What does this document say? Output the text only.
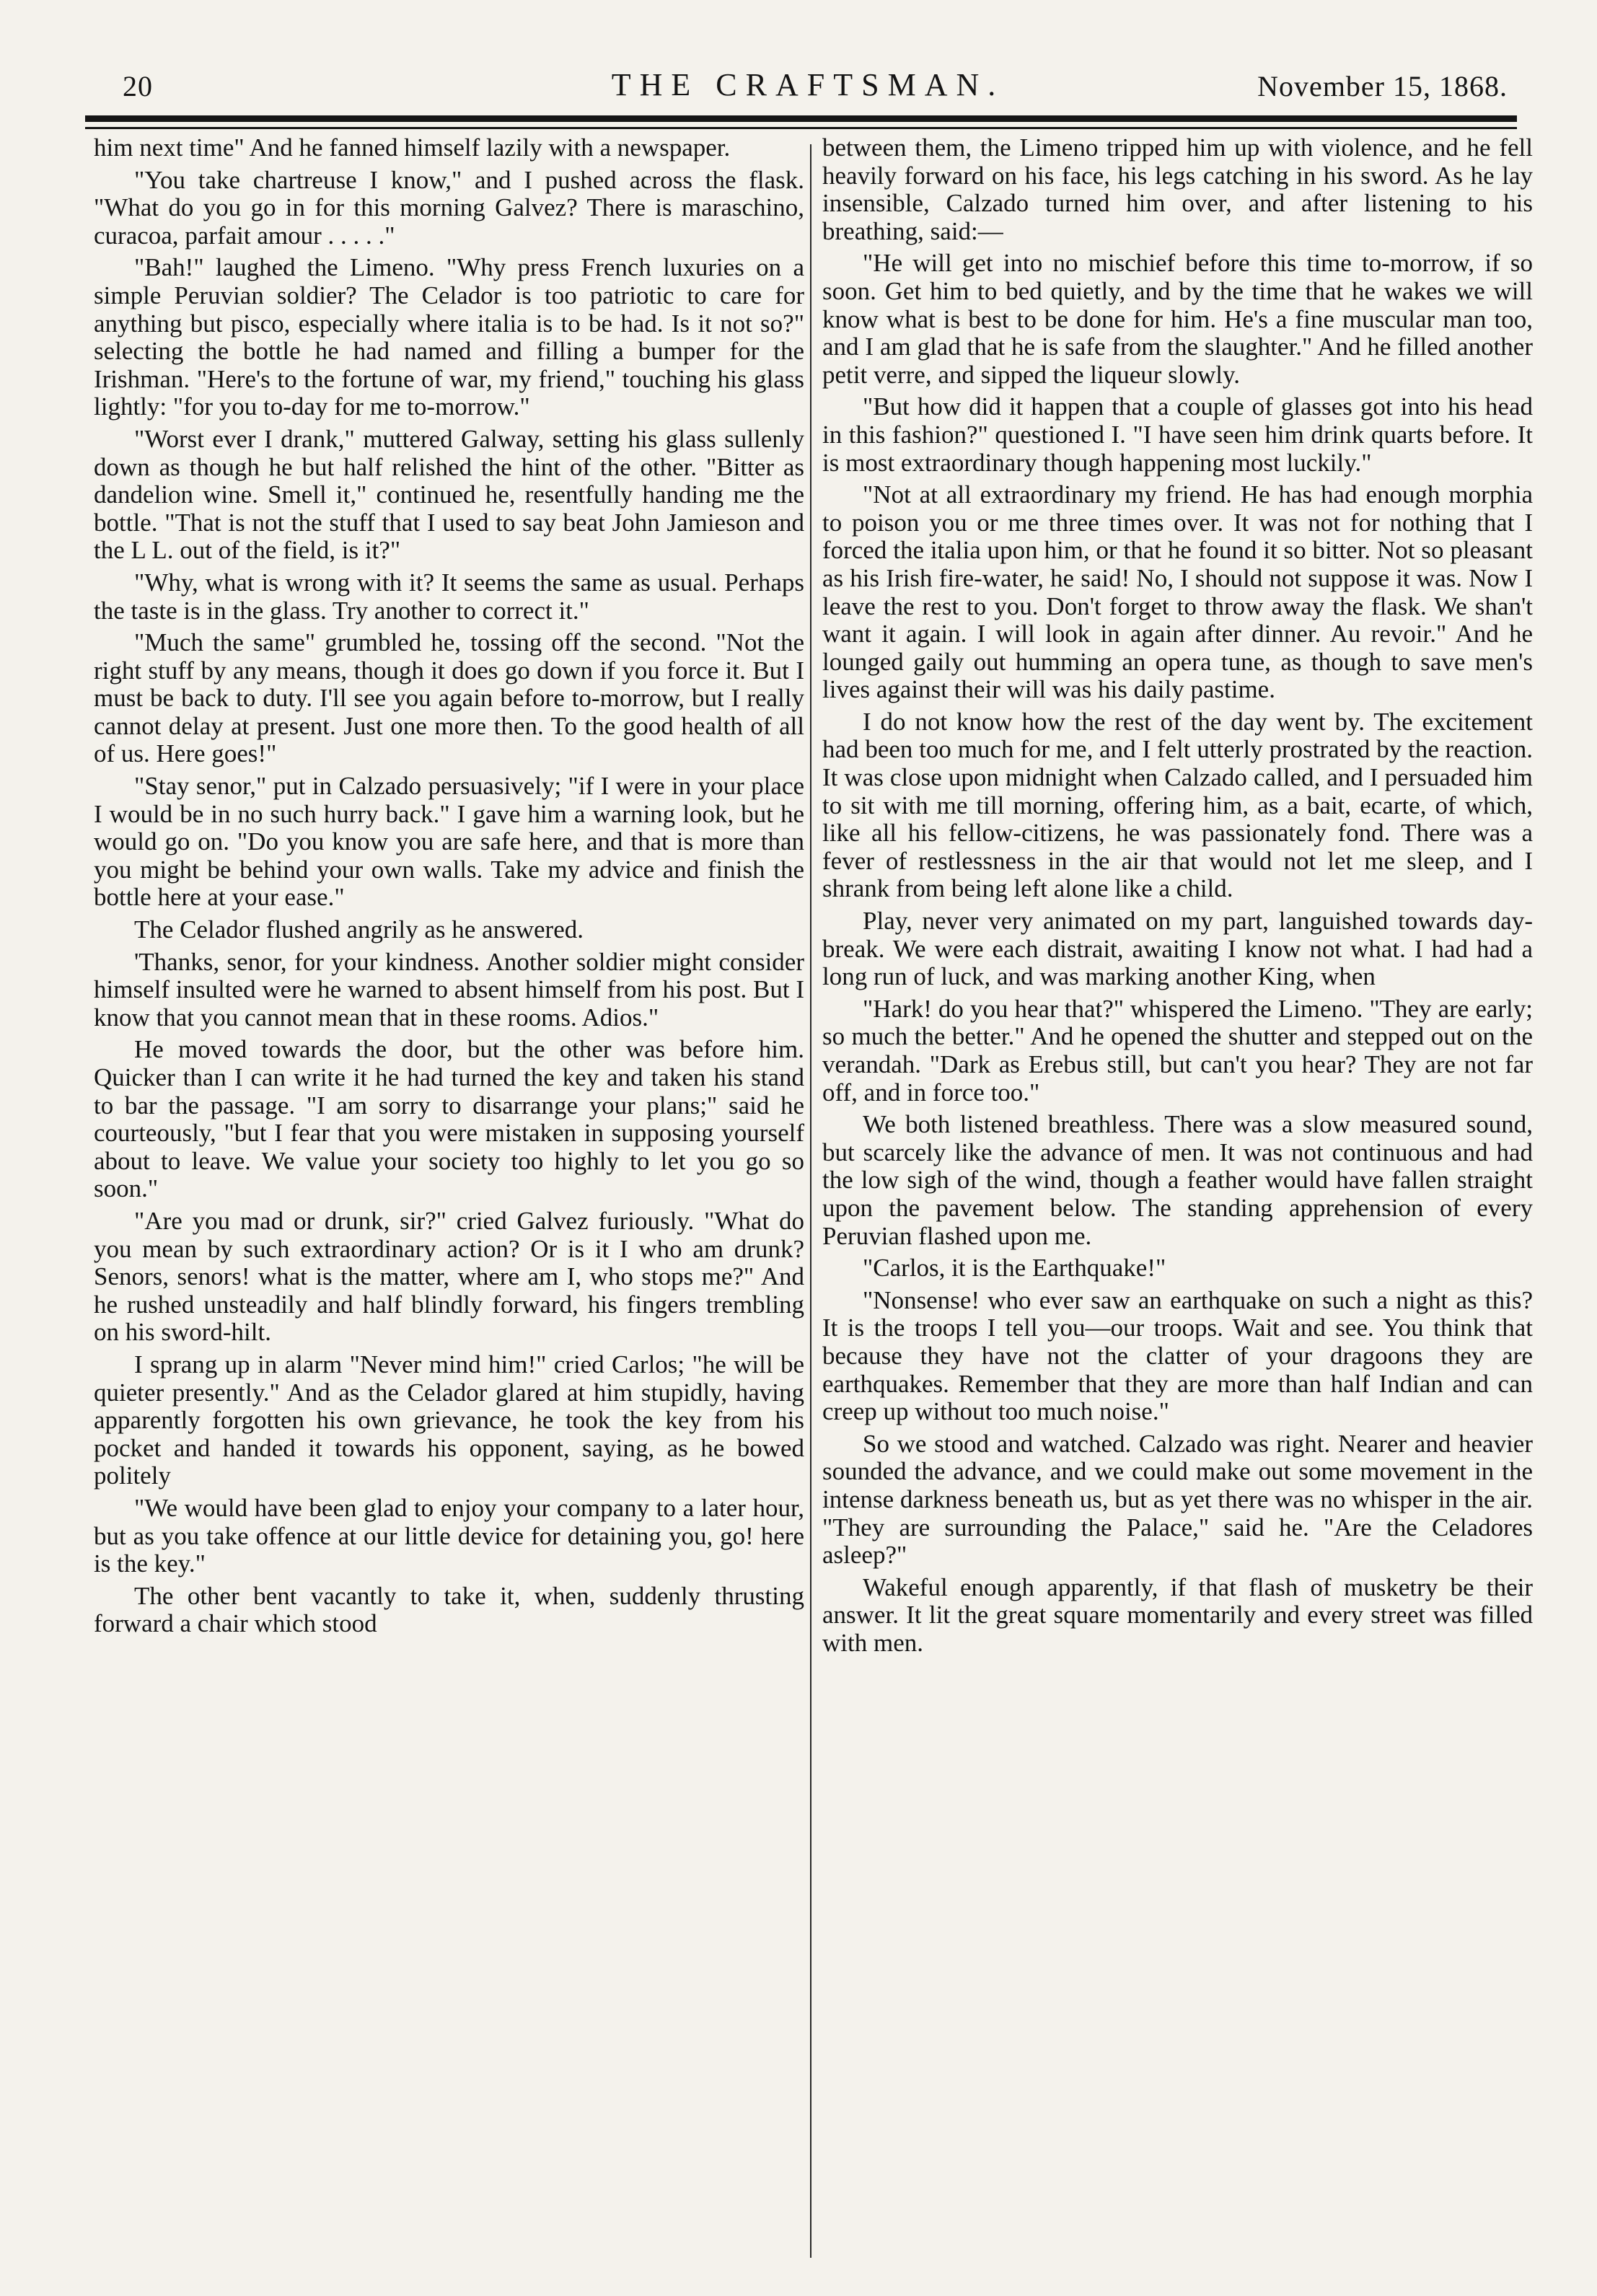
20	THE CRAFTSMAN.	November 15, 1868.

him next time" And he fanned himself lazily with a newspaper.

"You take chartreuse I know," and I pushed across the flask. "What do you go in for this morning Galvez? There is maraschino, curacoa, parfait amour . . . . ."

"Bah!" laughed the Limeno. "Why press French luxuries on a simple Peruvian soldier? The Celador is too patriotic to care for anything but pisco, especially where italia is to be had. Is it not so?" selecting the bottle he had named and filling a bumper for the Irishman. "Here's to the fortune of war, my friend," touching his glass lightly: "for you to-day for me to-morrow."

"Worst ever I drank," muttered Galway, setting his glass sullenly down as though he but half relished the hint of the other. "Bitter as dandelion wine. Smell it," continued he, resentfully handing me the bottle. "That is not the stuff that I used to say beat John Jamieson and the L L. out of the field, is it?"

"Why, what is wrong with it? It seems the same as usual. Perhaps the taste is in the glass. Try another to correct it."

"Much the same" grumbled he, tossing off the second. "Not the right stuff by any means, though it does go down if you force it. But I must be back to duty. I'll see you again before to-morrow, but I really cannot delay at present. Just one more then. To the good health of all of us. Here goes!"

"Stay senor," put in Calzado persuasively; "if I were in your place I would be in no such hurry back." I gave him a warning look, but he would go on. "Do you know you are safe here, and that is more than you might be behind your own walls. Take my advice and finish the bottle here at your ease."

The Celador flushed angrily as he answered.

'Thanks, senor, for your kindness. Another soldier might consider himself insulted were he warned to absent himself from his post. But I know that you cannot mean that in these rooms. Adios."

He moved towards the door, but the other was before him. Quicker than I can write it he had turned the key and taken his stand to bar the passage. "I am sorry to disarrange your plans;" said he courteously, "but I fear that you were mistaken in supposing yourself about to leave. We value your society too highly to let you go so soon."

"Are you mad or drunk, sir?" cried Galvez furiously. "What do you mean by such extraordinary action? Or is it I who am drunk? Senors, senors! what is the matter, where am I, who stops me?" And he rushed unsteadily and half blindly forward, his fingers trembling on his sword-hilt.

I sprang up in alarm "Never mind him!" cried Carlos; "he will be quieter presently." And as the Celador glared at him stupidly, having apparently forgotten his own grievance, he took the key from his pocket and handed it towards his opponent, saying, as he bowed politely

"We would have been glad to enjoy your company to a later hour, but as you take offence at our little device for detaining you, go! here is the key."

The other bent vacantly to take it, when, suddenly thrusting forward a chair which stood

between them, the Limeno tripped him up with violence, and he fell heavily forward on his face, his legs catching in his sword. As he lay insensible, Calzado turned him over, and after listening to his breathing, said:—

"He will get into no mischief before this time to-morrow, if so soon. Get him to bed quietly, and by the time that he wakes we will know what is best to be done for him. He's a fine muscular man too, and I am glad that he is safe from the slaughter." And he filled another petit verre, and sipped the liqueur slowly.

"But how did it happen that a couple of glasses got into his head in this fashion?" questioned I. "I have seen him drink quarts before. It is most extraordinary though happening most luckily."

"Not at all extraordinary my friend. He has had enough morphia to poison you or me three times over. It was not for nothing that I forced the italia upon him, or that he found it so bitter. Not so pleasant as his Irish fire-water, he said! No, I should not suppose it was. Now I leave the rest to you. Don't forget to throw away the flask. We shan't want it again. I will look in again after dinner. Au revoir." And he lounged gaily out humming an opera tune, as though to save men's lives against their will was his daily pastime.

I do not know how the rest of the day went by. The excitement had been too much for me, and I felt utterly prostrated by the reaction. It was close upon midnight when Calzado called, and I persuaded him to sit with me till morning, offering him, as a bait, ecarte, of which, like all his fellow-citizens, he was passionately fond. There was a fever of restlessness in the air that would not let me sleep, and I shrank from being left alone like a child.

Play, never very animated on my part, languished towards day-break. We were each distrait, awaiting I know not what. I had had a long run of luck, and was marking another King, when

"Hark! do you hear that?" whispered the Limeno. "They are early; so much the better." And he opened the shutter and stepped out on the verandah. "Dark as Erebus still, but can't you hear? They are not far off, and in force too."

We both listened breathless. There was a slow measured sound, but scarcely like the advance of men. It was not continuous and had the low sigh of the wind, though a feather would have fallen straight upon the pavement below. The standing apprehension of every Peruvian flashed upon me.

"Carlos, it is the Earthquake!"

"Nonsense! who ever saw an earthquake on such a night as this? It is the troops I tell you—our troops. Wait and see. You think that because they have not the clatter of your dragoons they are earthquakes. Remember that they are more than half Indian and can creep up without too much noise."

So we stood and watched. Calzado was right. Nearer and heavier sounded the advance, and we could make out some movement in the intense darkness beneath us, but as yet there was no whisper in the air. "They are surrounding the Palace," said he. "Are the Celadores asleep?"

Wakeful enough apparently, if that flash of musketry be their answer. It lit the great square momentarily and every street was filled with men.
